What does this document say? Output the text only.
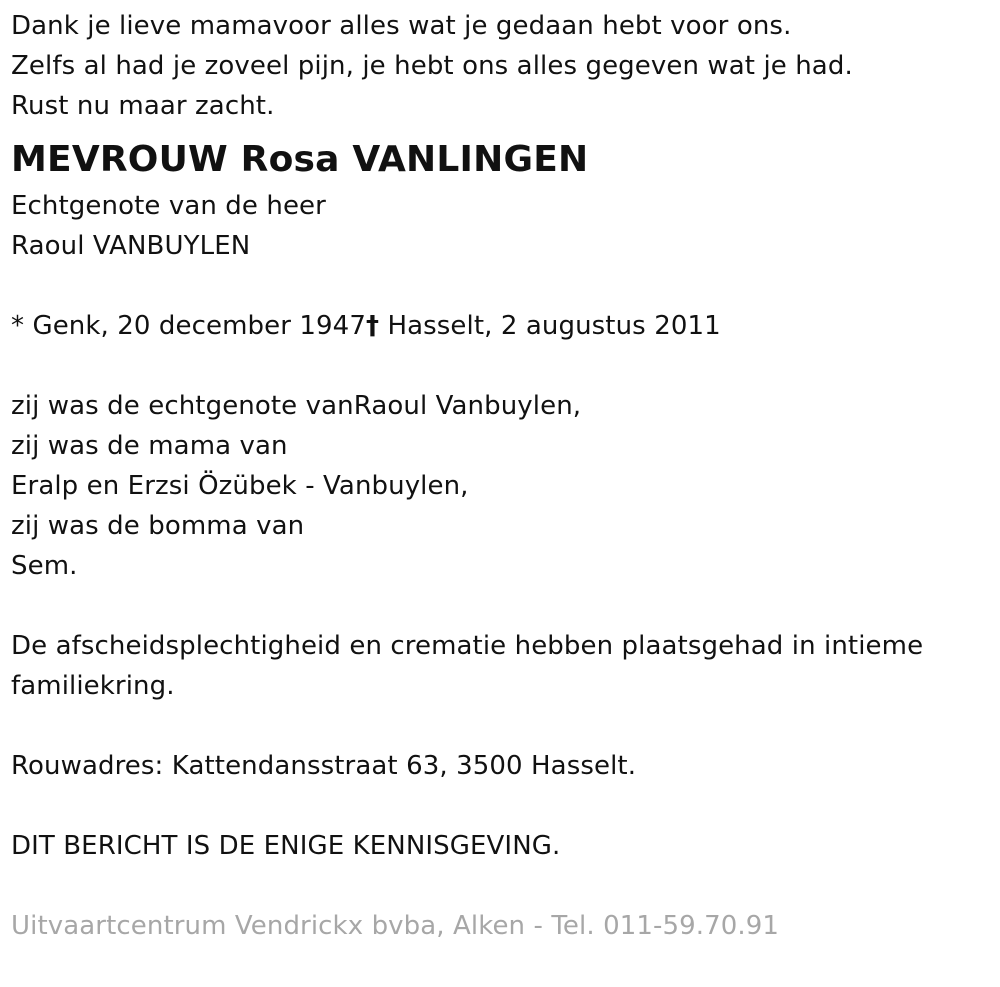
Dank je lieve mamavoor alles wat je gedaan hebt voor ons.
Zelfs al had je zoveel pijn, je hebt ons alles gegeven wat je had.
Rust nu maar zacht.
MEVROUW Rosa VANLINGEN
Echtgenote van de heer
Raoul VANBUYLEN
* Genk, 20 december 1947† Hasselt, 2 augustus 2011
zij was de echtgenote vanRaoul Vanbuylen,
zij was de mama van
Eralp en Erzsi Özübek - Vanbuylen,
zij was de bomma van
Sem.
De afscheidsplechtigheid en crematie hebben plaatsgehad in intieme familiekring.
Rouwadres: Kattendansstraat 63, 3500 Hasselt.
DIT BERICHT IS DE ENIGE KENNISGEVING.
Uitvaartcentrum Vendrickx bvba, Alken - Tel. 011-59.70.91
